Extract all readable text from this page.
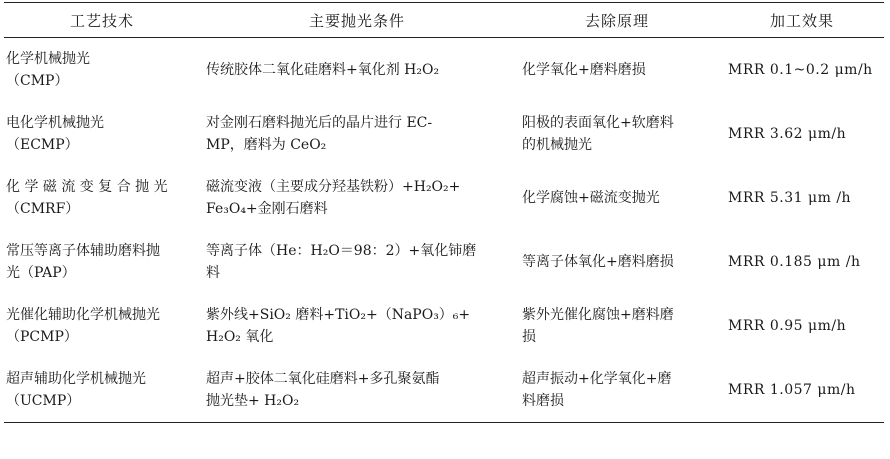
工艺技术	主要抛光条件	去除原理	加工效果

化学机械抛光
（CMP）	传统胶体二氧化硅磨料+氧化剂 H₂O₂	化学氧化+磨料磨损	MRR 0.1~0.2 μm/h

电化学机械抛光
（ECMP）	对金刚石磨料抛光后的晶片进行 EC-
MP，磨料为 CeO₂	阳极的表面氧化+软磨料
的机械抛光	MRR 3.62 μm/h

化 学 磁 流 变 复 合 抛 光
（CMRF）	磁流变液（主要成分羟基铁粉）+H₂O₂+
Fe₃O₄+金刚石磨料	化学腐蚀+磁流变抛光	MRR 5.31 μm /h

常压等离子体辅助磨料抛
光（PAP）	等离子体（He：H₂O＝98：2）+氧化铈磨
料	等离子体氧化+磨料磨损	MRR 0.185 μm /h

光催化辅助化学机械抛光
（PCMP）	紫外线+SiO₂ 磨料+TiO₂+（NaPO₃）₆+
H₂O₂ 氧化	紫外光催化腐蚀+磨料磨
损	MRR 0.95 μm/h

超声辅助化学机械抛光
（UCMP）	超声+胶体二氧化硅磨料+多孔聚氨酯
抛光垫+ H₂O₂	超声振动+化学氧化+磨
料磨损	MRR 1.057 μm/h
